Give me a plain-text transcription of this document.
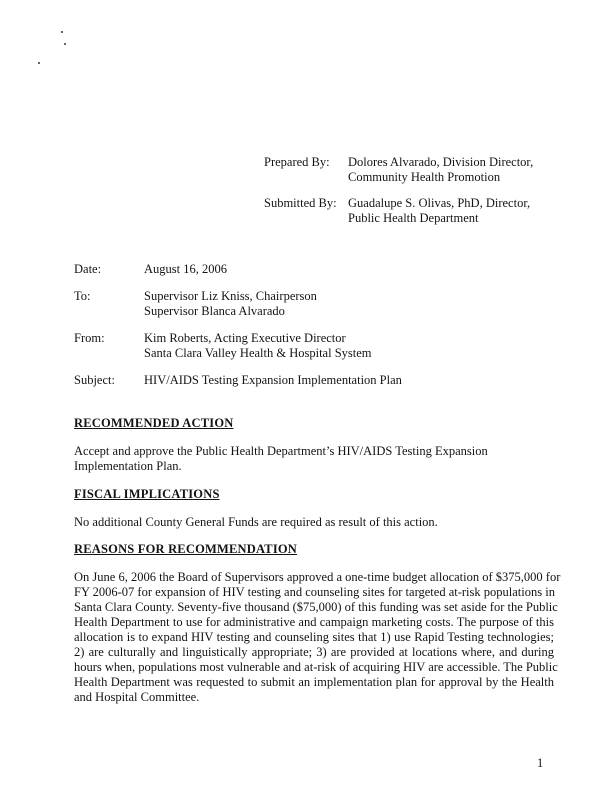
Prepared By:	Dolores Alvarado, Division Director,
Community Health Promotion
Submitted By: Guadalupe S. Olivas, PhD, Director,
Public Health Department
Date:	August 16, 2006
To:	Supervisor Liz Kniss, Chairperson
Supervisor Blanca Alvarado
From:	Kim Roberts, Acting Executive Director
Santa Clara Valley Health & Hospital System
Subject:	HIV/AIDS Testing Expansion Implementation Plan
RECOMMENDED ACTION
Accept and approve the Public Health Department’s HIV/AIDS Testing Expansion
Implementation Plan.
FISCAL IMPLICATIONS
No additional County General Funds are required as result of this action.
REASONS FOR RECOMMENDATION
On June 6, 2006 the Board of Supervisors approved a one-time budget allocation of $375,000 for
FY 2006-07 for expansion of HIV testing and counseling sites for targeted at-risk populations in
Santa Clara County. Seventy-five thousand ($75,000) of this funding was set aside for the Public
Health Department to use for administrative and campaign marketing costs. The purpose of this
allocation is to expand HIV testing and counseling sites that 1) use Rapid Testing technologies;
2) are culturally and linguistically appropriate; 3) are provided at locations where, and during
hours when, populations most vulnerable and at-risk of acquiring HIV are accessible. The Public
Health Department was requested to submit an implementation plan for approval by the Health
and Hospital Committee.
1
